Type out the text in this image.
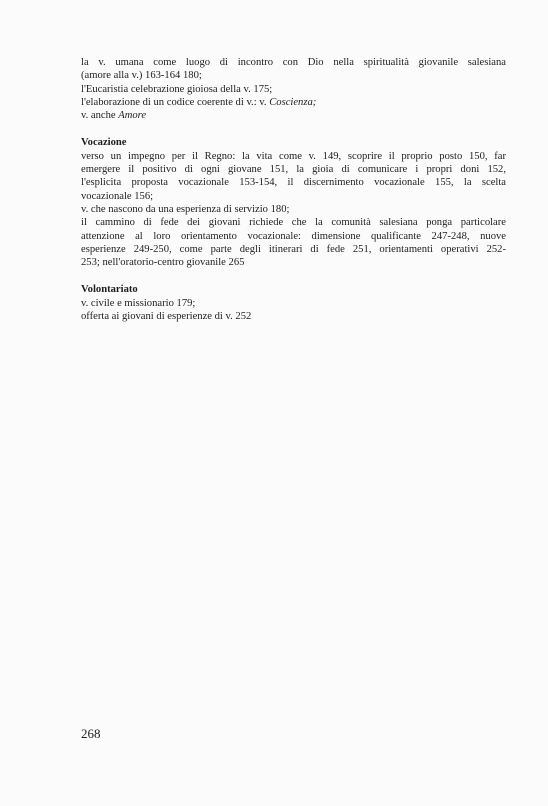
la v. umana come luogo di incontro con Dio nella spiritualità giovanile salesiana
(amore alla v.) 163-164 180;
l'Eucaristia celebrazione gioiosa della v. 175;
l'elaborazione di un codice coerente di v.: v. Coscienza;
v. anche Amore
Vocazione
verso un impegno per il Regno: la vita come v. 149, scoprire il proprio posto 150, far
emergere il positivo di ogni giovane 151, la gioia di comunicare i propri doni 152,
l'esplicita proposta vocazionale 153-154, il discernimento vocazionale 155, la scelta
vocazionale 156;
v. che nascono da una esperienza di servizio 180;
il cammino di fede dei giovani richiede che la comunità salesiana ponga particolare
attenzione al loro orientamento vocazionale: dimensione qualificante 247-248, nuove
esperienze 249-250, come parte degli itinerari di fede 251, orientamenti operativi 252-
253; nell'oratorio-centro giovanile 265
Volontariato
v. civile e missionario 179;
offerta ai giovani di esperienze di v. 252
268
